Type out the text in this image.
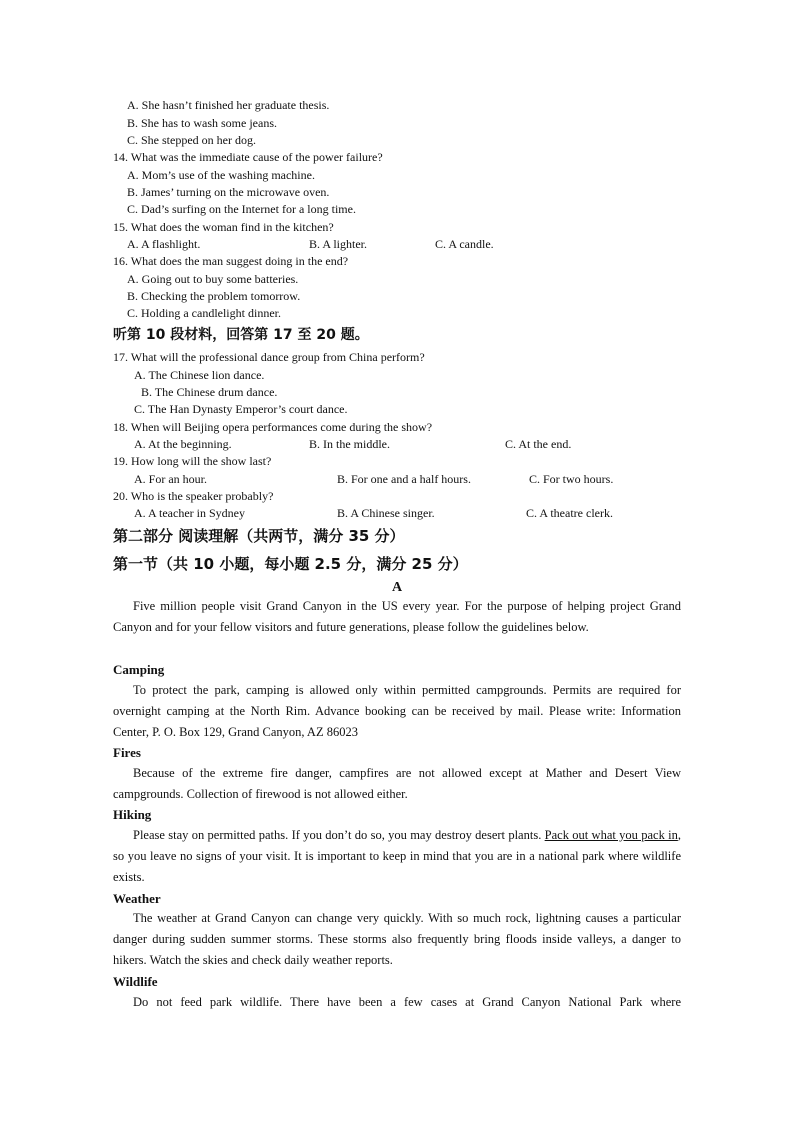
A. She hasn’t finished her graduate thesis.
B. She has to wash some jeans.
C. She stepped on her dog.
14. What was the immediate cause of the power failure?
A. Mom’s use of the washing machine.
B. James’ turning on the microwave oven.
C. Dad’s surfing on the Internet for a long time.
15. What does the woman find in the kitchen?
A. A flashlight.	B. A lighter.	C. A candle.
16. What does the man suggest doing in the end?
A. Going out to buy some batteries.
B. Checking the problem tomorrow.
C. Holding a candlelight dinner.
听第 10 段材料，回答第 17 至 20 题。
17. What will the professional dance group from China perform?
A. The Chinese lion dance.
B. The Chinese drum dance.
C. The Han Dynasty Emperor’s court dance.
18. When will Beijing opera performances come during the show?
A. At the beginning.	B. In the middle.	C. At the end.
19. How long will the show last?
A. For an hour.	B. For one and a half hours.	C. For two hours.
20. Who is the speaker probably?
A. A teacher in Sydney	B. A Chinese singer.	C. A theatre clerk.
第二部分 阅读理解（共两节，满分 35 分）
第一节（共 10 小题，每小题 2.5 分，满分 25 分）
A
Five million people visit Grand Canyon in the US every year. For the purpose of helping project Grand Canyon and for your fellow visitors and future generations, please follow the guidelines below.
Camping
To protect the park, camping is allowed only within permitted campgrounds. Permits are required for overnight camping at the North Rim. Advance booking can be received by mail. Please write: Information Center, P. O. Box 129, Grand Canyon, AZ 86023
Fires
Because of the extreme fire danger, campfires are not allowed except at Mather and Desert View campgrounds. Collection of firewood is not allowed either.
Hiking
Please stay on permitted paths. If you don’t do so, you may destroy desert plants. Pack out what you pack in, so you leave no signs of your visit. It is important to keep in mind that you are in a national park where wildlife exists.
Weather
The weather at Grand Canyon can change very quickly. With so much rock, lightning causes a particular danger during sudden summer storms. These storms also frequently bring floods inside valleys, a danger to hikers. Watch the skies and check daily weather reports.
Wildlife
Do not feed park wildlife. There have been a few cases at Grand Canyon National Park where
